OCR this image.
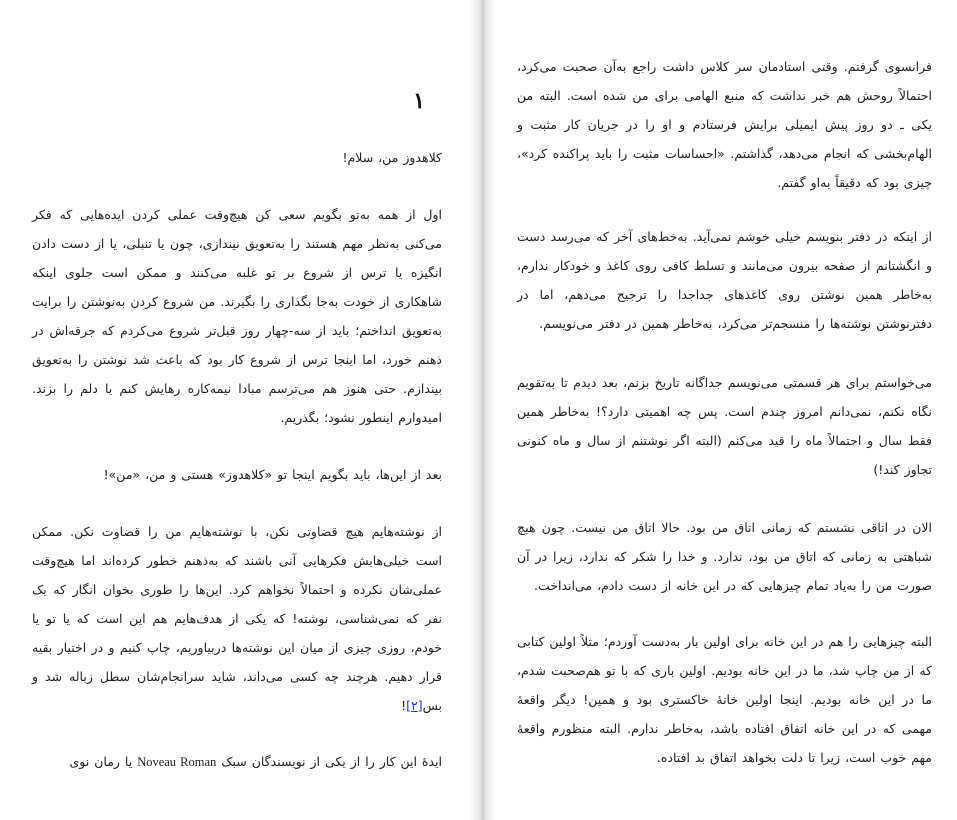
۱

کلاهدوز من، سلام!

اول از همه به‌تو بگویم سعی کن هیچ‌وقت عملی کردن ایده‌هایی که فکر می‌کنی به‌نظر مهم هستند را به‌تعویق نیندازی، چون یا تنبلی، یا از دست دادن انگیزه یا ترس از شروع بر تو غلبه می‌کنند و ممکن است جلوی اینکه شاهکاری از خودت به‌جا بگذاری را بگیرند. من شروع کردن به‌نوشتن را برایت به‌تعویق انداختم؛ باید از سه‌-چهار روز قبل‌تر شروع می‌کردم که جرقه‌اش در ذهنم خورد، اما اینجا ترس از شروع کار بود که باعث شد نوشتن را به‌تعویق بیندازم. حتی هنوز هم می‌ترسم مبادا نیمه‌کاره رهایش کنم یا دلم را بزند. امیدوارم اینطور نشود؛ بگذریم.

بعد از این‌ها، باید بگویم اینجا تو «کلاهدوز» هستی و من، «من»!

از نوشته‌هایم هیچ قضاوتی نکن، با نوشته‌هایم من را قضاوت نکن. ممکن است خیلی‌هایش فکرهایی آنی باشند که به‌ذهنم خطور کرده‌اند اما هیچ‌وقت عملی‌شان نکرده و احتمالاً نخواهم کرد. این‌ها را طوری بخوان انگار که یک نفر که نمی‌شناسی، نوشته! که یکی از هدف‌هایم هم این است که یا تو یا خودم، روزی چیزی از میان این نوشته‌ها دربیاوریم، چاپ کنیم و در اختیار بقیه قرار دهیم. هرچند چه کسی می‌داند، شاید سرانجام‌شان سطل زباله شد و بس[۲]!

ایدهٔ این کار را از یکی از نویسندگان سبک Noveau Roman یا رمان نوی

فرانسوی گرفتم. وقتی استادمان سر کلاس داشت راجع به‌آن صحبت می‌کرد، احتمالاً روحش هم خبر نداشت که منبع الهامی برای من شده است. البته من یکی ـ دو روز پیش ایمیلی برایش فرستادم و او را در جریان کار مثبت و الهام‌بخشی که انجام می‌دهد، گذاشتم. «احساسات مثبت را باید پراکنده کرد»، چیزی بود که دقیقاً به‌او گفتم.

از اینکه در دفتر بنویسم خیلی خوشم نمی‌آید. به‌خط‌های آخر که می‌رسد دست و انگشتانم از صفحه بیرون می‌مانند و تسلط کافی روی کاغذ و خودکار ندارم، به‌خاطر همین نوشتن روی کاغذهای جداجدا را ترجیح می‌دهم، اما در دفترنوشتن نوشته‌ها را منسجم‌تر می‌کرد، به‌خاطر همین در دفتر می‌نویسم.

می‌خواستم برای هر قسمتی می‌نویسم جداگانه تاریخ بزنم، بعد دیدم تا به‌تقویم نگاه نکنم، نمی‌دانم امروز چندم است. پس چه اهمیتی دارد؟! به‌خاطر همین فقط سال و احتمالاً ماه را قید می‌کنم (البته اگر نوشتنم از سال و ماه کنونی تجاوز کند!)

الان در اتاقی نشستم که زمانی اتاق من بود. حالا اتاق من نیست. چون هیچ شباهتی به زمانی که اتاق من بود، ندارد. و خدا را شکر که ندارد، زیرا در آن صورت من را به‌یاد تمام چیزهایی که در این خانه از دست دادم، می‌انداخت.

البته چیزهایی را هم در این خانه برای اولین بار به‌دست آوردم؛ مثلاً اولین کتابی که از من چاپ شد، ما در این خانه بودیم. اولین باری که با تو هم‌صحبت شدم، ما در این خانه بودیم. اینجا اولین خانهٔ خاکستری بود و همین! دیگر واقعهٔ مهمی که در این خانه اتفاق افتاده باشد، به‌خاطر ندارم. البته منظورم واقعهٔ مهم خوب است، زیرا تا دلت بخواهد اتفاق بد افتاده.
